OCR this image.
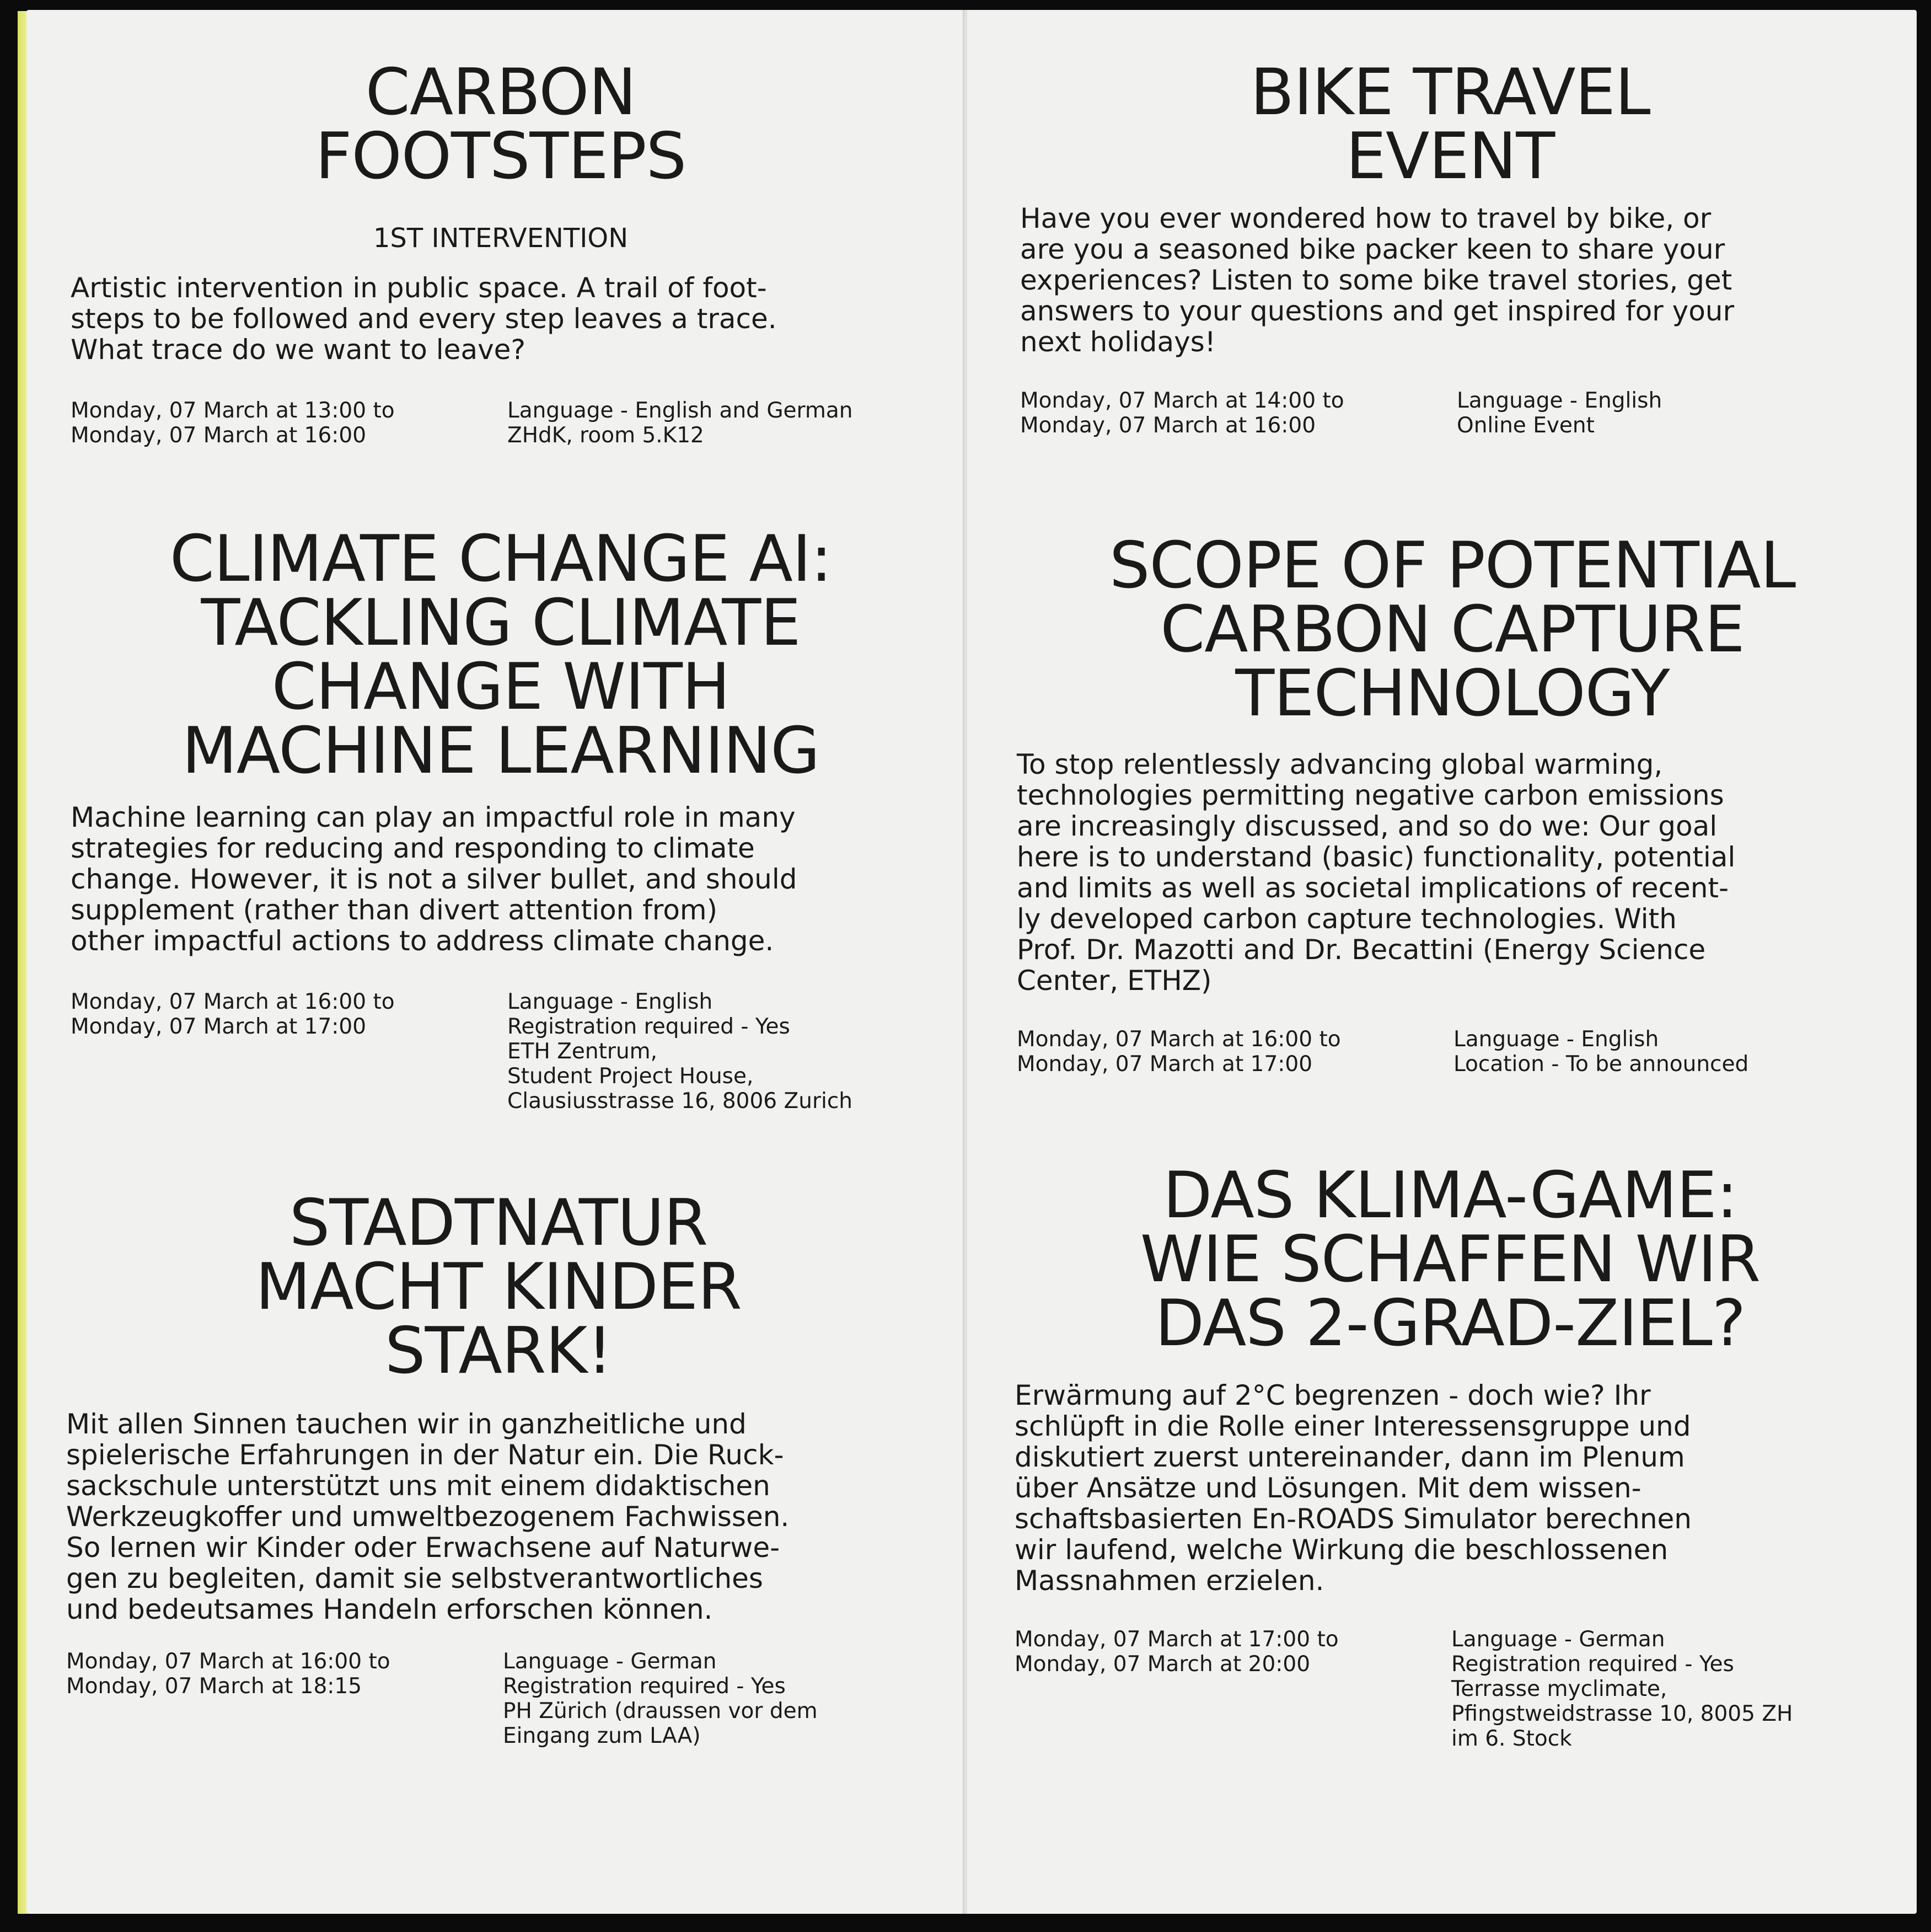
CARBON
FOOTSTEPS

1ST INTERVENTION

Artistic intervention in public space. A trail of foot-
steps to be followed and every step leaves a trace.
What trace do we want to leave?

Monday, 07 March at 13:00 to
Monday, 07 March at 16:00
Language - English and German
ZHdK, room 5.K12
CLIMATE CHANGE AI:
TACKLING CLIMATE
CHANGE WITH
MACHINE LEARNING

Machine learning can play an impactful role in many
strategies for reducing and responding to climate
change. However, it is not a silver bullet, and should
supplement (rather than divert attention from)
other impactful actions to address climate change.

Monday, 07 March at 16:00 to
Monday, 07 March at 17:00
Language - English
Registration required - Yes
ETH Zentrum,
Student Project House,
Clausiusstrasse 16, 8006 Zurich
STADTNATUR
MACHT KINDER
STARK!

Mit allen Sinnen tauchen wir in ganzheitliche und
spielerische Erfahrungen in der Natur ein. Die Ruck-
sackschule unterstützt uns mit einem didaktischen
Werkzeugkoffer und umweltbezogenem Fachwissen.
So lernen wir Kinder oder Erwachsene auf Naturwe-
gen zu begleiten, damit sie selbstverantwortliches
und bedeutsames Handeln erforschen können.

Monday, 07 March at 16:00 to
Monday, 07 March at 18:15
Language - German
Registration required - Yes
PH Zürich (draussen vor dem
Eingang zum LAA)
BIKE TRAVEL
EVENT

Have you ever wondered how to travel by bike, or
are you a seasoned bike packer keen to share your
experiences? Listen to some bike travel stories, get
answers to your questions and get inspired for your
next holidays!

Monday, 07 March at 14:00 to
Monday, 07 March at 16:00
Language - English
Online Event
SCOPE OF POTENTIAL
CARBON CAPTURE
TECHNOLOGY

To stop relentlessly advancing global warming,
technologies permitting negative carbon emissions
are increasingly discussed, and so do we: Our goal
here is to understand (basic) functionality, potential
and limits as well as societal implications of recent-
ly developed carbon capture technologies. With
Prof. Dr. Mazotti and Dr. Becattini (Energy Science
Center, ETHZ)

Monday, 07 March at 16:00 to
Monday, 07 March at 17:00
Language - English
Location - To be announced
DAS KLIMA-GAME:
WIE SCHAFFEN WIR
DAS 2-GRAD-ZIEL?

Erwärmung auf 2°C begrenzen - doch wie? Ihr
schlüpft in die Rolle einer Interessensgruppe und
diskutiert zuerst untereinander, dann im Plenum
über Ansätze und Lösungen. Mit dem wissen-
schaftsbasierten En-ROADS Simulator berechnen
wir laufend, welche Wirkung die beschlossenen
Massnahmen erzielen.

Monday, 07 March at 17:00 to
Monday, 07 March at 20:00
Language - German
Registration required - Yes
Terrasse myclimate,
Pfingstweidstrasse 10, 8005 ZH
im 6. Stock
